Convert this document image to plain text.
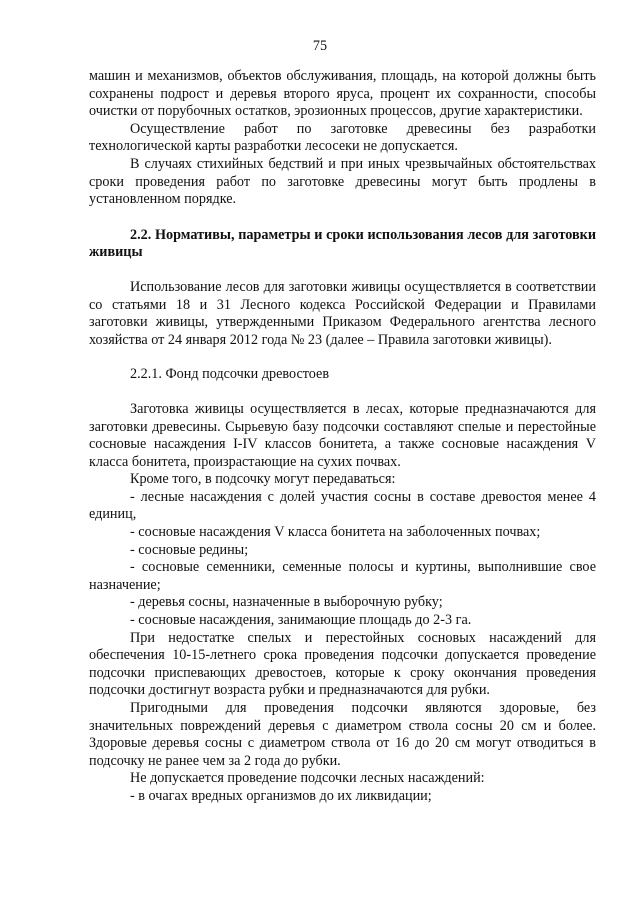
75

машин и механизмов, объектов обслуживания, площадь, на которой должны быть сохранены подрост и деревья второго яруса, процент их сохранности, способы очистки от порубочных остатков, эрозионных процессов, другие характеристики.

Осуществление работ по заготовке древесины без разработки технологической карты разработки лесосеки не допускается.

В случаях стихийных бедствий и при иных чрезвычайных обстоятельствах сроки проведения работ по заготовке древесины могут быть продлены в установленном порядке.

2.2. Нормативы, параметры и сроки использования лесов для заготовки живицы

Использование лесов для заготовки живицы осуществляется в соответствии со статьями 18 и 31 Лесного кодекса Российской Федерации и Правилами заготовки живицы, утвержденными Приказом Федерального агентства лесного хозяйства от 24 января 2012 года № 23 (далее – Правила заготовки живицы).

2.2.1. Фонд подсочки древостоев

Заготовка живицы осуществляется в лесах, которые предназначаются для заготовки древесины. Сырьевую базу подсочки составляют спелые и перестойные сосновые насаждения I-IV классов бонитета, а также сосновые насаждения V класса бонитета, произрастающие на сухих почвах.

Кроме того, в подсочку могут передаваться:

- лесные насаждения с долей участия сосны в составе древостоя менее 4 единиц,

- сосновые насаждения V класса бонитета на заболоченных почвах;

- сосновые редины;

- сосновые семенники, семенные полосы и куртины, выполнившие свое назначение;

- деревья сосны, назначенные в выборочную рубку;

- сосновые насаждения, занимающие площадь до 2-3 га.

При недостатке спелых и перестойных сосновых насаждений для обеспечения 10-15-летнего срока проведения подсочки допускается проведение подсочки приспевающих древостоев, которые к сроку окончания проведения подсочки достигнут возраста рубки и предназначаются для рубки.

Пригодными для проведения подсочки являются здоровые, без значительных повреждений деревья с диаметром ствола сосны 20 см и более. Здоровые деревья сосны с диаметром ствола от 16 до 20 см могут отводиться в подсочку не ранее чем за 2 года до рубки.

Не допускается проведение подсочки лесных насаждений:

- в очагах вредных организмов до их ликвидации;
